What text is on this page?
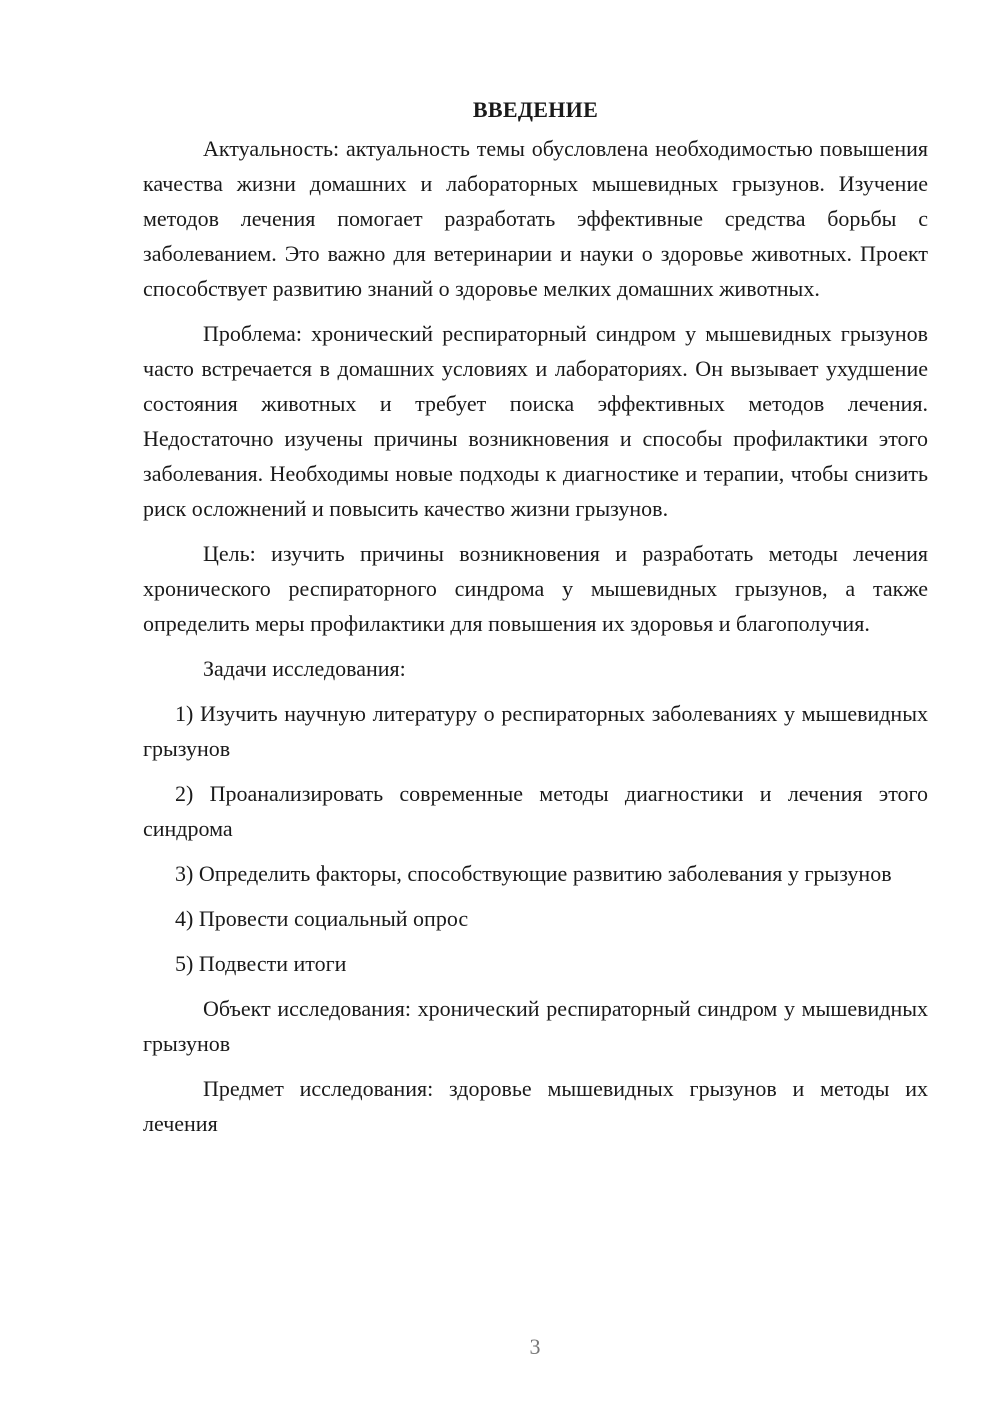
ВВЕДЕНИЕ

Актуальность: актуальность темы обусловлена необходимостью повышения качества жизни домашних и лабораторных мышевидных грызунов. Изучение методов лечения помогает разработать эффективные средства борьбы с заболеванием. Это важно для ветеринарии и науки о здоровье животных. Проект способствует развитию знаний о здоровье мелких домашних животных.

Проблема: хронический респираторный синдром у мышевидных грызунов часто встречается в домашних условиях и лабораториях. Он вызывает ухудшение состояния животных и требует поиска эффективных методов лечения. Недостаточно изучены причины возникновения и способы профилактики этого заболевания. Необходимы новые подходы к диагностике и терапии, чтобы снизить риск осложнений и повысить качество жизни грызунов.

Цель: изучить причины возникновения и разработать методы лечения хронического респираторного синдрома у мышевидных грызунов, а также определить меры профилактики для повышения их здоровья и благополучия.

Задачи исследования:

1) Изучить научную литературу о респираторных заболеваниях у мышевидных грызунов

2) Проанализировать современные методы диагностики и лечения этого синдрома

3) Определить факторы, способствующие развитию заболевания у грызунов

4) Провести социальный опрос

5) Подвести итоги

Объект исследования: хронический респираторный синдром у мышевидных грызунов

Предмет исследования: здоровье мышевидных грызунов и методы их лечения

3
